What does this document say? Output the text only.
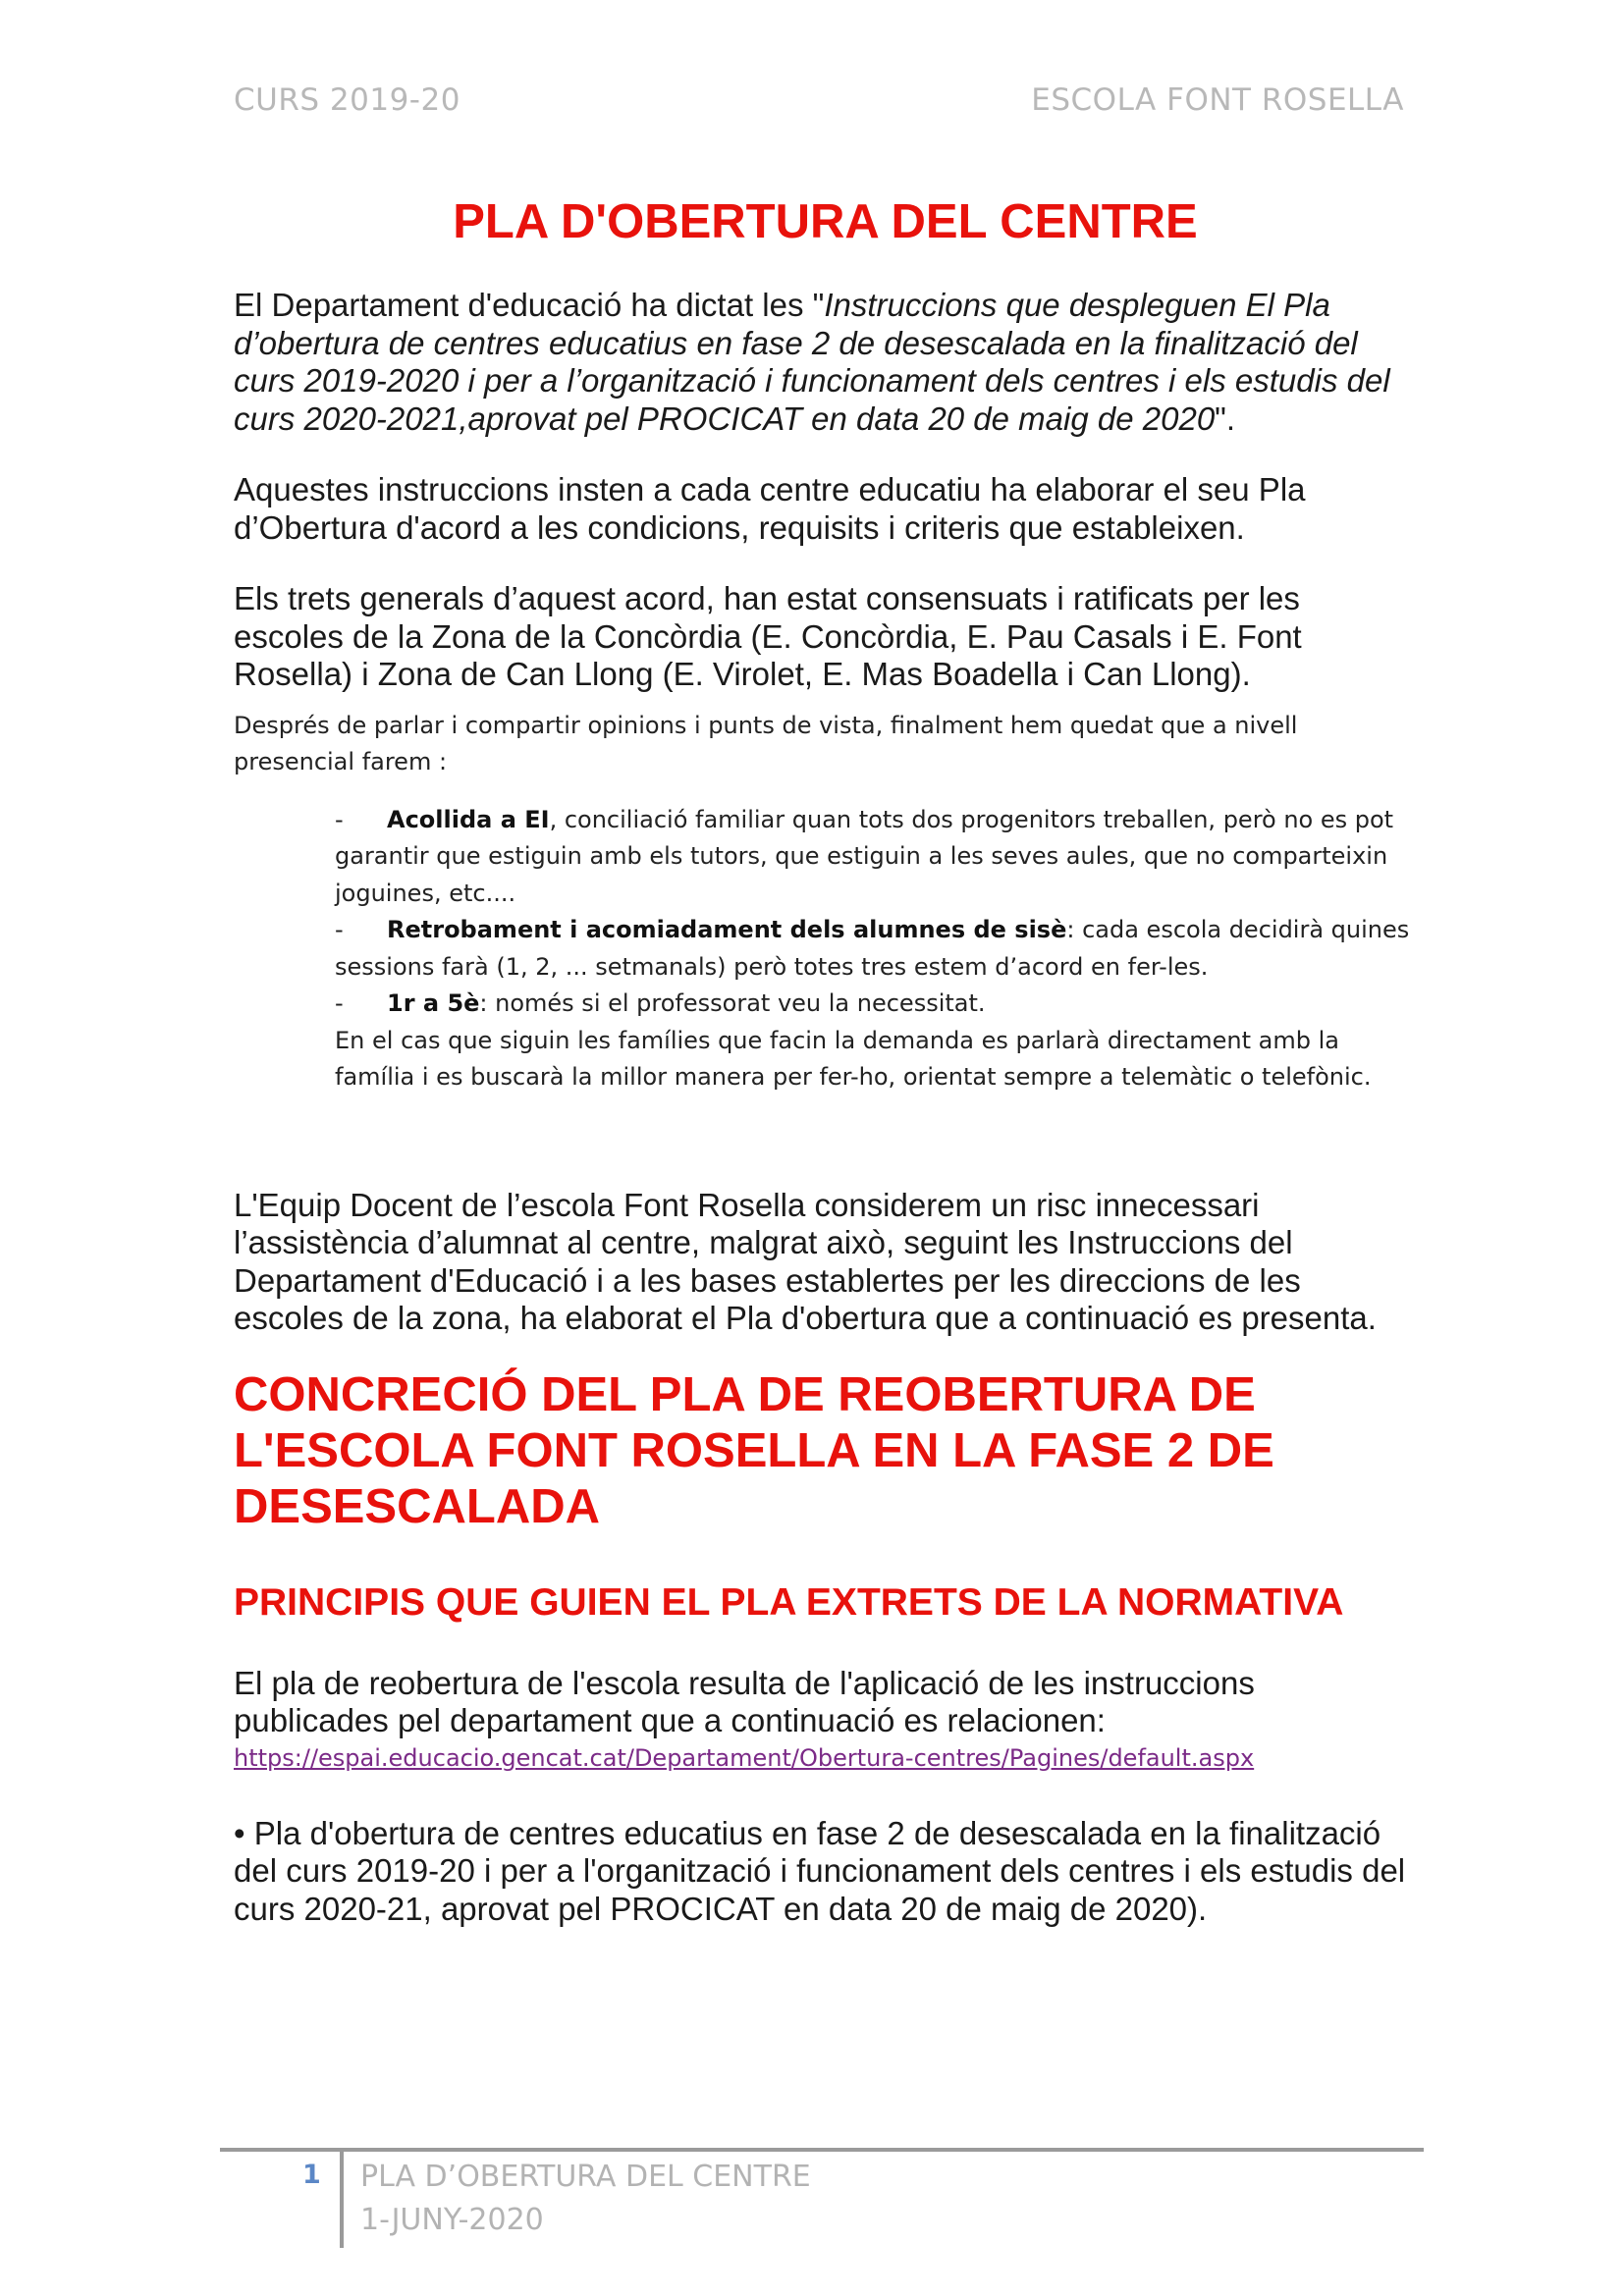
CURS 2019-20	ESCOLA FONT ROSELLA
PLA D'OBERTURA DEL CENTRE

El Departament d'educació ha dictat les "Instruccions que despleguen El Pla d’obertura de centres educatius en fase 2 de desescalada en la finalització del curs 2019-2020 i per a l’organització i funcionament dels centres i els estudis del curs 2020-2021,aprovat pel PROCICAT en data 20 de maig de 2020".

Aquestes instruccions insten a cada centre educatiu ha elaborar el seu Pla d’Obertura d'acord a les condicions, requisits i criteris que estableixen.

Els trets generals d’aquest acord, han estat consensuats i ratificats per les escoles de la Zona de la Concòrdia (E. Concòrdia, E. Pau Casals i E. Font Rosella) i Zona de Can Llong (E. Virolet, E. Mas Boadella i Can Llong).

Després de parlar i compartir opinions i punts de vista, finalment hem quedat que a nivell presencial farem :

- Acollida a EI, conciliació familiar quan tots dos progenitors treballen, però no es pot garantir que estiguin amb els tutors, que estiguin a les seves aules, que no comparteixin joguines, etc....
- Retrobament i acomiadament dels alumnes de sisè: cada escola decidirà quines sessions farà (1, 2, ... setmanals) però totes tres estem d’acord en fer-les.
- 1r a 5è: només si el professorat veu la necessitat.
En el cas que siguin les famílies que facin la demanda es parlarà directament amb la família i es buscarà la millor manera per fer-ho, orientat sempre a telemàtic o telefònic.

L'Equip Docent de l’escola Font Rosella considerem un risc innecessari l’assistència d’alumnat al centre, malgrat això, seguint les Instruccions del Departament d'Educació i a les bases establertes per les direccions de les escoles de la zona, ha elaborat el Pla d'obertura que a continuació es presenta.

CONCRECIÓ DEL PLA DE REOBERTURA DE L'ESCOLA FONT ROSELLA EN LA FASE 2 DE DESESCALADA
PRINCIPIS QUE GUIEN EL PLA EXTRETS DE LA NORMATIVA

El pla de reobertura de l'escola resulta de l'aplicació de les instruccions publicades pel departament que a continuació es relacionen:

https://espai.educacio.gencat.cat/Departament/Obertura-centres/Pagines/default.aspx

• Pla d'obertura de centres educatius en fase 2 de desescalada en la finalització del curs 2019-20 i per a l'organització i funcionament dels centres i els estudis del curs 2020-21, aprovat pel PROCICAT en data 20 de maig de 2020).

1 PLA D’OBERTURA DEL CENTRE
1-JUNY-2020
